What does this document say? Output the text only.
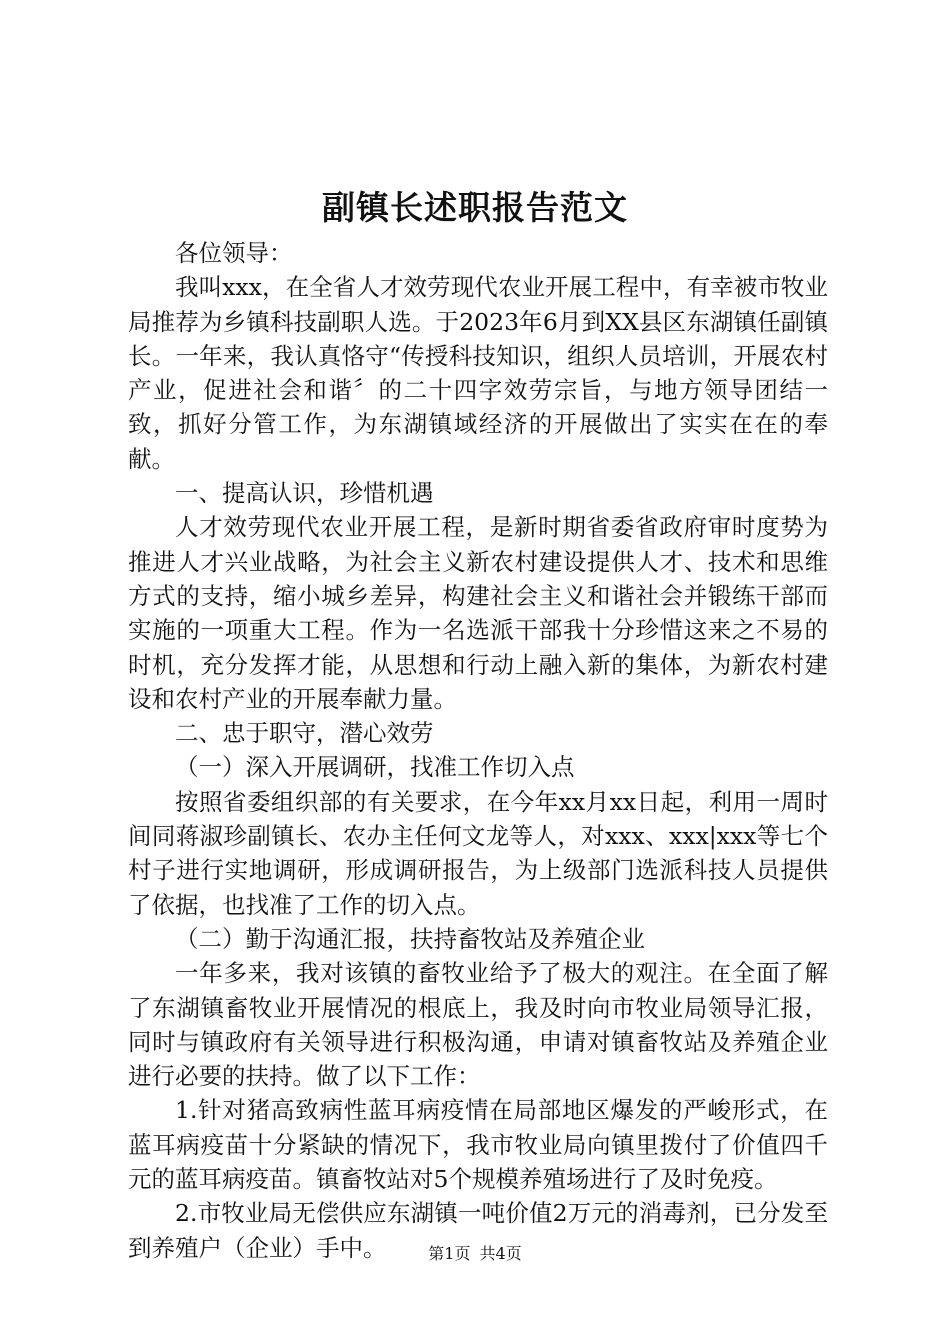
副镇长述职报告范文

各位领导：

我叫xxx，在全省人才效劳现代农业开展工程中，有幸被市牧业局推荐为乡镇科技副职人选。于2023年6月到XX县区东湖镇任副镇长。一年来，我认真恪守“传授科技知识，组织人员培训，开展农村产业，促进社会和谐〞的二十四字效劳宗旨，与地方领导团结一致，抓好分管工作，为东湖镇域经济的开展做出了实实在在的奉献。

一、提高认识，珍惜机遇

人才效劳现代农业开展工程，是新时期省委省政府审时度势为推进人才兴业战略，为社会主义新农村建设提供人才、技术和思维方式的支持，缩小城乡差异，构建社会主义和谐社会并锻练干部而实施的一项重大工程。作为一名选派干部我十分珍惜这来之不易的时机，充分发挥才能，从思想和行动上融入新的集体，为新农村建设和农村产业的开展奉献力量。

二、忠于职守，潜心效劳

（一）深入开展调研，找准工作切入点

按照省委组织部的有关要求，在今年xx月xx日起，利用一周时间同蒋淑珍副镇长、农办主任何文龙等人，对xxx、xxx|xxx等七个村子进行实地调研，形成调研报告，为上级部门选派科技人员提供了依据，也找准了工作的切入点。

（二）勤于沟通汇报，扶持畜牧站及养殖企业

一年多来，我对该镇的畜牧业给予了极大的观注。在全面了解了东湖镇畜牧业开展情况的根底上，我及时向市牧业局领导汇报，同时与镇政府有关领导进行积极沟通，申请对镇畜牧站及养殖企业进行必要的扶持。做了以下工作：

1.针对猪高致病性蓝耳病疫情在局部地区爆发的严峻形式，在蓝耳病疫苗十分紧缺的情况下，我市牧业局向镇里拨付了价值四千元的蓝耳病疫苗。镇畜牧站对5个规模养殖场进行了及时免疫。

2.市牧业局无偿供应东湖镇一吨价值2万元的消毒剂，已分发至到养殖户（企业）手中。	第1页 共4页
